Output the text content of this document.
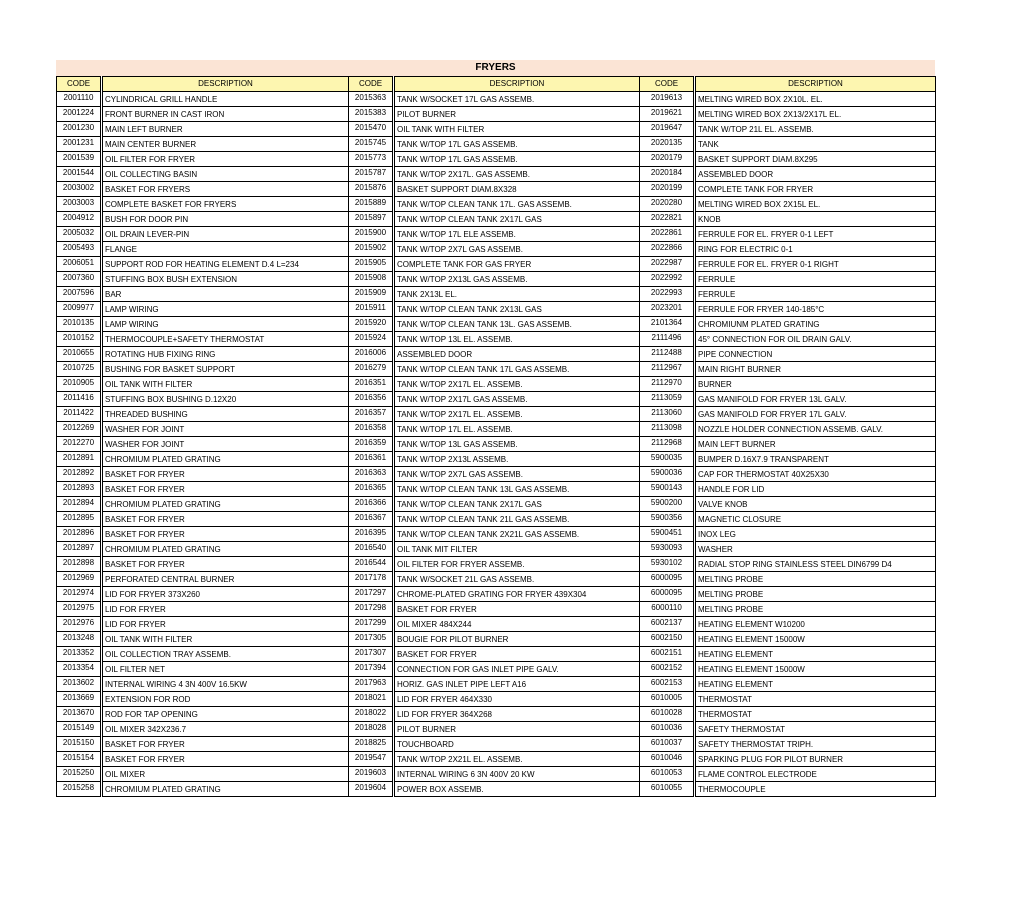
FRYERS
CODE	DESCRIPTION	CODE	DESCRIPTION	CODE	DESCRIPTION
2001110	CYLINDRICAL GRILL HANDLE	2015363	TANK W/SOCKET 17L GAS ASSEMB.	2019613	MELTING WIRED BOX 2X10L. EL.
2001224	FRONT BURNER IN CAST IRON	2015383	PILOT BURNER	2019621	MELTING WIRED BOX 2X13/2X17L EL.
2001230	MAIN LEFT BURNER	2015470	OIL TANK WITH FILTER	2019647	TANK W/TOP 21L EL. ASSEMB.
2001231	MAIN CENTER BURNER	2015745	TANK W/TOP 17L GAS ASSEMB.	2020135	TANK
2001539	OIL FILTER FOR FRYER	2015773	TANK W/TOP 17L GAS ASSEMB.	2020179	BASKET SUPPORT DIAM.8X295
2001544	OIL COLLECTING BASIN	2015787	TANK W/TOP 2X17L. GAS ASSEMB.	2020184	ASSEMBLED DOOR
2003002	BASKET FOR FRYERS	2015876	BASKET SUPPORT DIAM.8X328	2020199	COMPLETE TANK FOR FRYER
2003003	COMPLETE BASKET FOR FRYERS	2015889	TANK W/TOP CLEAN TANK 17L. GAS ASSEMB.	2020280	MELTING WIRED BOX 2X15L EL.
2004912	BUSH FOR DOOR PIN	2015897	TANK W/TOP CLEAN TANK 2X17L GAS	2022821	KNOB
2005032	OIL DRAIN LEVER-PIN	2015900	TANK W/TOP 17L ELE ASSEMB.	2022861	FERRULE FOR EL. FRYER 0-1 LEFT
2005493	FLANGE	2015902	TANK W/TOP 2X7L GAS ASSEMB.	2022866	RING FOR ELECTRIC 0-1
2006051	SUPPORT ROD FOR HEATING ELEMENT D.4 L=234	2015905	COMPLETE TANK FOR GAS FRYER	2022987	FERRULE FOR EL. FRYER 0-1 RIGHT
2007360	STUFFING BOX BUSH EXTENSION	2015908	TANK W/TOP 2X13L GAS ASSEMB.	2022992	FERRULE
2007596	BAR	2015909	TANK 2X13L EL.	2022993	FERRULE
2009977	LAMP WIRING	2015911	TANK W/TOP CLEAN TANK 2X13L GAS	2023201	FERRULE FOR FRYER 140-185°C
2010135	LAMP WIRING	2015920	TANK W/TOP CLEAN TANK 13L. GAS ASSEMB.	2101364	CHROMIUNM PLATED GRATING
2010152	THERMOCOUPLE+SAFETY THERMOSTAT	2015924	TANK W/TOP 13L EL. ASSEMB.	2111496	45° CONNECTION FOR OIL DRAIN GALV.
2010655	ROTATING HUB FIXING RING	2016006	ASSEMBLED DOOR	2112488	PIPE CONNECTION
2010725	BUSHING FOR BASKET SUPPORT	2016279	TANK W/TOP CLEAN TANK 17L GAS ASSEMB.	2112967	MAIN RIGHT BURNER
2010905	OIL TANK WITH FILTER	2016351	TANK W/TOP 2X17L EL. ASSEMB.	2112970	BURNER
2011416	STUFFING BOX BUSHING D.12X20	2016356	TANK W/TOP 2X17L GAS ASSEMB.	2113059	GAS MANIFOLD FOR FRYER 13L GALV.
2011422	THREADED BUSHING	2016357	TANK W/TOP 2X17L EL. ASSEMB.	2113060	GAS MANIFOLD FOR FRYER 17L GALV.
2012269	WASHER FOR JOINT	2016358	TANK W/TOP 17L EL. ASSEMB.	2113098	NOZZLE HOLDER CONNECTION ASSEMB. GALV.
2012270	WASHER FOR JOINT	2016359	TANK W/TOP 13L GAS ASSEMB.	2112968	MAIN LEFT BURNER
2012891	CHROMIUM PLATED GRATING	2016361	TANK W/TOP 2X13L ASSEMB.	5900035	BUMPER D.16X7.9 TRANSPARENT
2012892	BASKET FOR FRYER	2016363	TANK W/TOP 2X7L GAS ASSEMB.	5900036	CAP FOR THERMOSTAT 40X25X30
2012893	BASKET FOR FRYER	2016365	TANK W/TOP CLEAN TANK 13L GAS ASSEMB.	5900143	HANDLE FOR LID
2012894	CHROMIUM PLATED GRATING	2016366	TANK W/TOP CLEAN TANK 2X17L GAS	5900200	VALVE KNOB
2012895	BASKET FOR FRYER	2016367	TANK W/TOP CLEAN TANK 21L GAS ASSEMB.	5900356	MAGNETIC CLOSURE
2012896	BASKET FOR FRYER	2016395	TANK W/TOP CLEAN TANK 2X21L GAS ASSEMB.	5900451	INOX LEG
2012897	CHROMIUM PLATED GRATING	2016540	OIL TANK MIT FILTER	5930093	WASHER
2012898	BASKET FOR FRYER	2016544	OIL FILTER FOR FRYER ASSEMB.	5930102	RADIAL STOP RING STAINLESS STEEL DIN6799 D4
2012969	PERFORATED CENTRAL BURNER	2017178	TANK W/SOCKET 21L GAS ASSEMB.	6000095	MELTING PROBE
2012974	LID FOR FRYER 373X260	2017297	CHROME-PLATED GRATING FOR FRYER 439X304	6000095	MELTING PROBE
2012975	LID FOR FRYER	2017298	BASKET FOR FRYER	6000110	MELTING PROBE
2012976	LID FOR FRYER	2017299	OIL MIXER 484X244	6002137	HEATING ELEMENT W10200
2013248	OIL TANK WITH FILTER	2017305	BOUGIE FOR PILOT BURNER	6002150	HEATING ELEMENT 15000W
2013352	OIL COLLECTION TRAY ASSEMB.	2017307	BASKET FOR FRYER	6002151	HEATING ELEMENT
2013354	OIL FILTER NET	2017394	CONNECTION FOR GAS INLET PIPE GALV.	6002152	HEATING ELEMENT 15000W
2013602	INTERNAL WIRING 4 3N 400V 16.5KW	2017963	HORIZ. GAS INLET PIPE LEFT A16	6002153	HEATING ELEMENT
2013669	EXTENSION FOR ROD	2018021	LID FOR FRYER 464X330	6010005	THERMOSTAT
2013670	ROD FOR TAP OPENING	2018022	LID FOR FRYER 364X268	6010028	THERMOSTAT
2015149	OIL MIXER 342X236.7	2018028	PILOT BURNER	6010036	SAFETY THERMOSTAT
2015150	BASKET FOR FRYER	2018825	TOUCHBOARD	6010037	SAFETY THERMOSTAT TRIPH.
2015154	BASKET FOR FRYER	2019547	TANK W/TOP 2X21L EL. ASSEMB.	6010046	SPARKING PLUG FOR PILOT BURNER
2015250	OIL MIXER	2019603	INTERNAL WIRING 6 3N 400V 20 KW	6010053	FLAME CONTROL ELECTRODE
2015258	CHROMIUM PLATED GRATING	2019604	POWER BOX ASSEMB.	6010055	THERMOCOUPLE
